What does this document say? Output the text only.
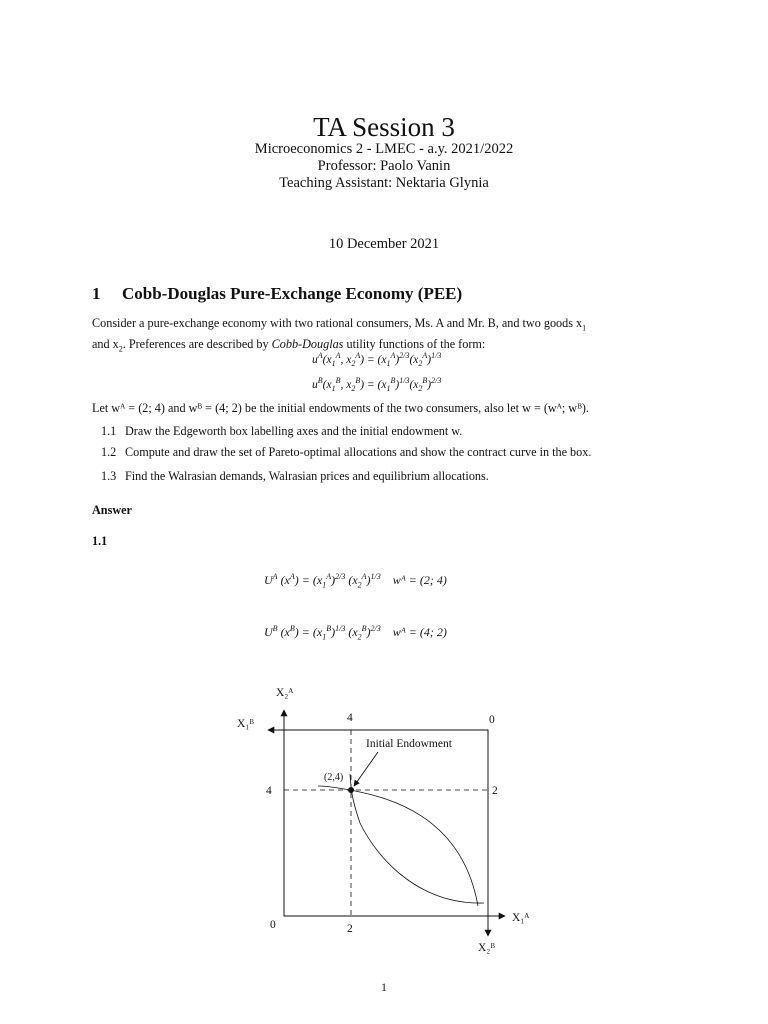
TA Session 3
Microeconomics 2 - LMEC - a.y. 2021/2022
Professor: Paolo Vanin
Teaching Assistant: Nektaria Glynia
10 December 2021
1 Cobb-Douglas Pure-Exchange Economy (PEE)
Consider a pure-exchange economy with two rational consumers, Ms. A and Mr. B, and two goods $x_1$
and $x_2$. Preferences are described by Cobb-Douglas utility functions of the form:
$u^A(x_1^A$, $x_2^A) = (x_1^A)^{2/3}(x_2^A)^{1/3}$
$u^B(x_1^B$, $x_2^B) = (x_1^B)^{1/3}(x_2^B)^{2/3}$
Let wᴬ = (2; 4) and wᴮ = (4; 2) be the initial endowments of the two consumers, also let w = (wᴬ; wᴮ).
1.1 Draw the Edgeworth box labelling axes and the initial endowment w.
1.2 Compute and draw the set of Pareto-optimal allocations and show the contract curve in the box.
1.3 Find the Walrasian demands, Walrasian prices and equilibrium allocations.
Answer
1.1
$U^A$ $(x^A) = (x_1^A)^{2/3}$ $(x_2^A)^{1/3}$ wᴬ = (2; 4)
$U^B$ $(x^B) = (x_1^B)^{1/3}$ $(x_2^B)^{2/3}$ wᴬ = (4; 2)
X₂ᴬ
X₁ᴮ
X₁ᴬ
X₂ᴮ
4	0
4	2
0	2
(2,4)
Initial Endowment
1
